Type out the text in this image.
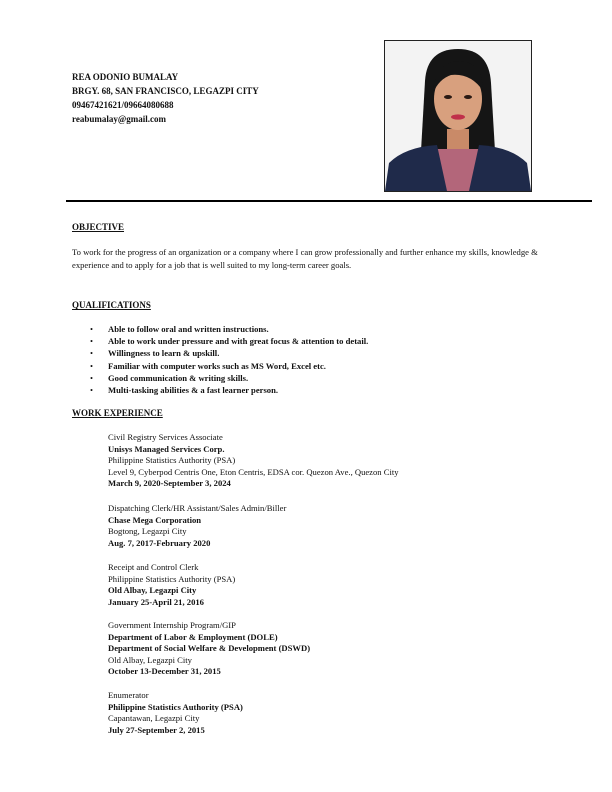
REA ODONIO BUMALAY
BRGY. 68, SAN FRANCISCO, LEGAZPI CITY
09467421621/09664080688
reabumalay@gmail.com
OBJECTIVE
To work for the progress of an organization or a company where I can grow professionally and further enhance my skills, knowledge & experience and to apply for a job that is well suited to my long-term career goals.
QUALIFICATIONS
• Able to follow oral and written instructions.
• Able to work under pressure and with great focus & attention to detail.
• Willingness to learn & upskill.
• Familiar with computer works such as MS Word, Excel etc.
• Good communication & writing skills.
• Multi-tasking abilities & a fast learner person.
WORK EXPERIENCE
Civil Registry Services Associate
Unisys Managed Services Corp.
Philippine Statistics Authority (PSA)
Level 9, Cyberpod Centris One, Eton Centris, EDSA cor. Quezon Ave., Quezon City
March 9, 2020-September 3, 2024
Dispatching Clerk/HR Assistant/Sales Admin/Biller
Chase Mega Corporation
Bogtong, Legazpi City
Aug. 7, 2017-February 2020
Receipt and Control Clerk
Philippine Statistics Authority (PSA)
Old Albay, Legazpi City
January 25-April 21, 2016
Government Internship Program/GIP
Department of Labor & Employment (DOLE)
Department of Social Welfare & Development (DSWD)
Old Albay, Legazpi City
October 13-December 31, 2015
Enumerator
Philippine Statistics Authority (PSA)
Capantawan, Legazpi City
July 27-September 2, 2015
